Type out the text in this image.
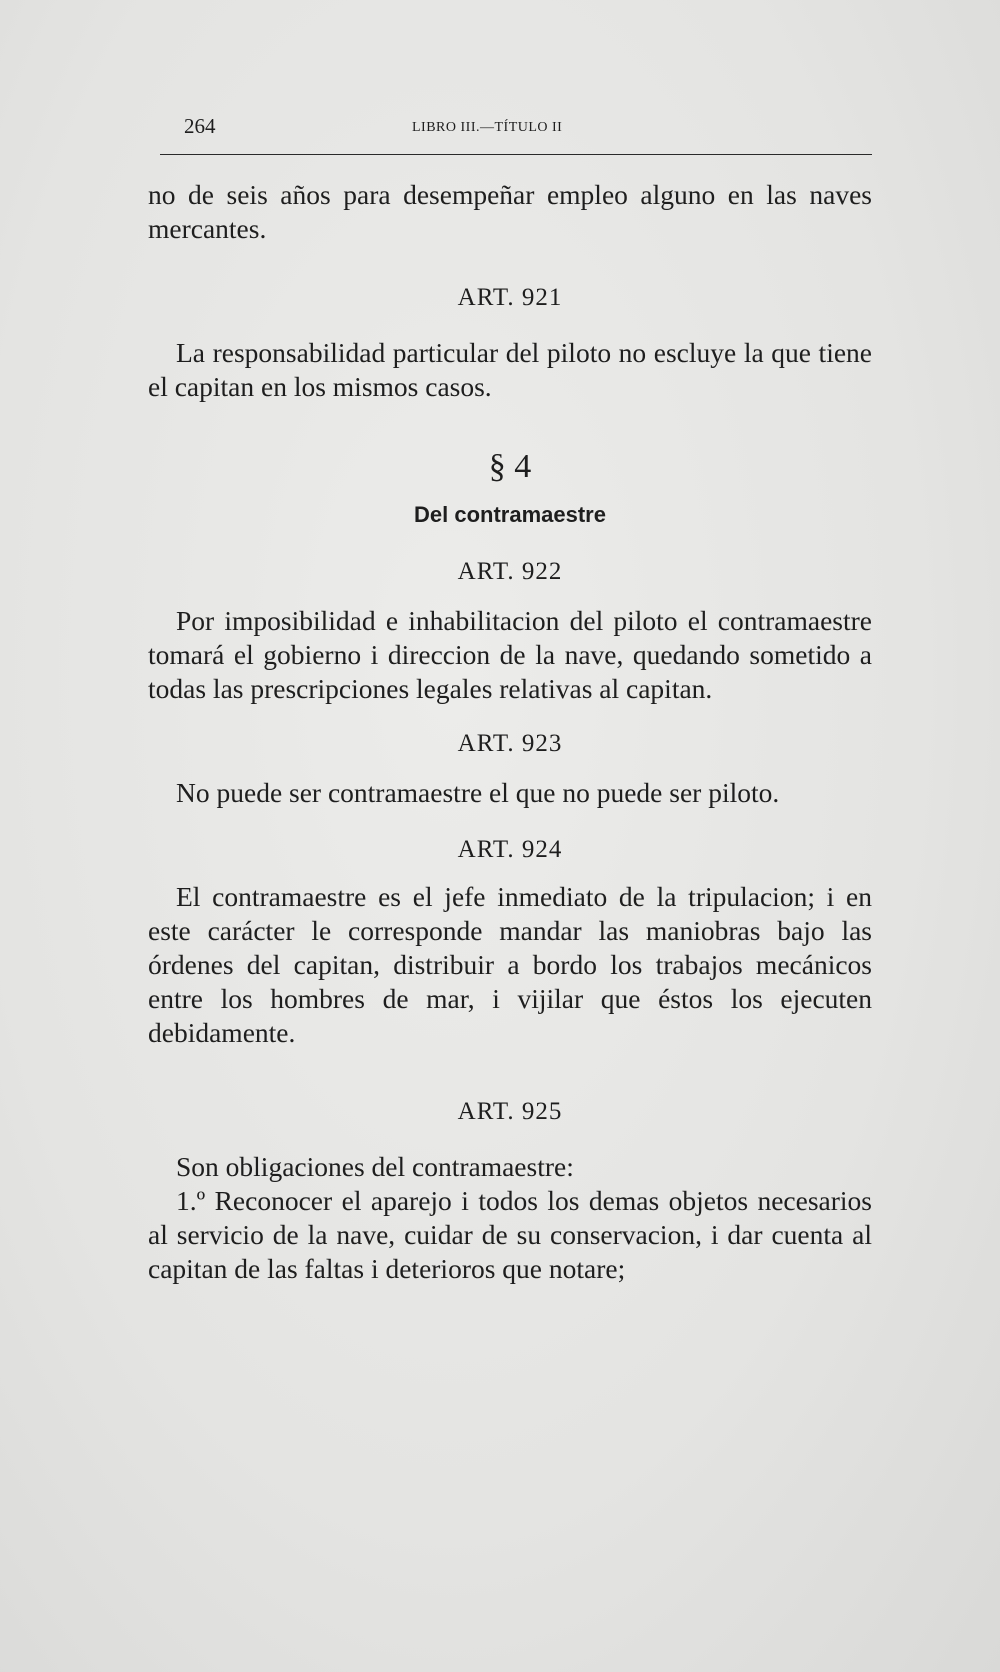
264	LIBRO III.—TÍTULO II

no de seis años para desempeñar empleo alguno en las naves mercantes.

ART. 921

La responsabilidad particular del piloto no escluye la que tiene el capitan en los mismos casos.

§ 4
Del contramaestre
ART. 922

Por imposibilidad e inhabilitacion del piloto el contramaestre tomará el gobierno i direccion de la nave, quedando sometido a todas las prescripciones legales relativas al capitan.

ART. 923

No puede ser contramaestre el que no puede ser piloto.

ART. 924

El contramaestre es el jefe inmediato de la tripulacion; i en este carácter le corresponde mandar las maniobras bajo las órdenes del capitan, distribuir a bordo los trabajos mecánicos entre los hombres de mar, i vijilar que éstos los ejecuten debidamente.

ART. 925

Son obligaciones del contramaestre:

1.º Reconocer el aparejo i todos los demas objetos necesarios al servicio de la nave, cuidar de su conservacion, i dar cuenta al capitan de las faltas i deterioros que notare;
